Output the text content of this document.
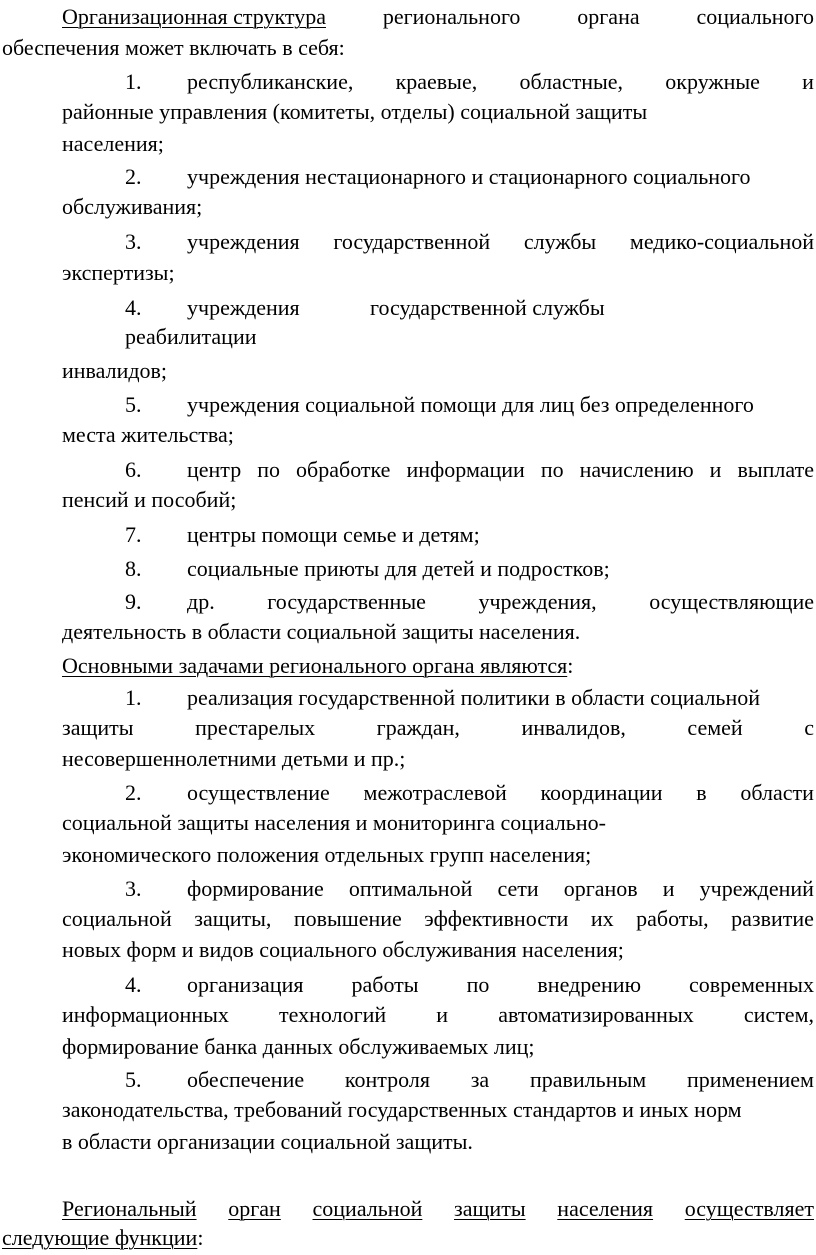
Организационная структура	регионального	органа	социального
обеспечения может включать в себя:
1. республиканские, краевые, областные, окружные и
районные управления (комитеты, отделы) социальной защиты
населения;
2. учреждения нестационарного и стационарного социального
обслуживания;
3. учреждения государственной службы медико-социальной
экспертизы;
4. учреждения	государственной службы
реабилитации
инвалидов;
5. учреждения социальной помощи для лиц без определенного
места жительства;
6. центр по обработке информации по начислению и выплате
пенсий и пособий;
7. центры помощи семье и детям;
8. социальные приюты для детей и подростков;
9. др. государственные учреждения, осуществляющие
деятельность в области социальной защиты населения.
Основными задачами регионального органа являются:
1. реализация государственной политики в области социальной
защиты	престарелых	граждан,	инвалидов,	семей	с
несовершеннолетними детьми и пр.;
2. осуществление межотраслевой координации в области
социальной защиты населения и мониторинга социально-
экономического положения отдельных групп населения;
3. формирование оптимальной сети органов и учреждений
социальной защиты, повышение эффективности их работы, развитие
новых форм и видов социального обслуживания населения;
4. организация работы по внедрению современных
информационных технологий и автоматизированных систем,
формирование банка данных обслуживаемых лиц;
5. обеспечение контроля за правильным применением
законодательства, требований государственных стандартов и иных норм
в области организации социальной защиты.
Региональный орган социальной защиты населения осуществляет
следующие функции:
